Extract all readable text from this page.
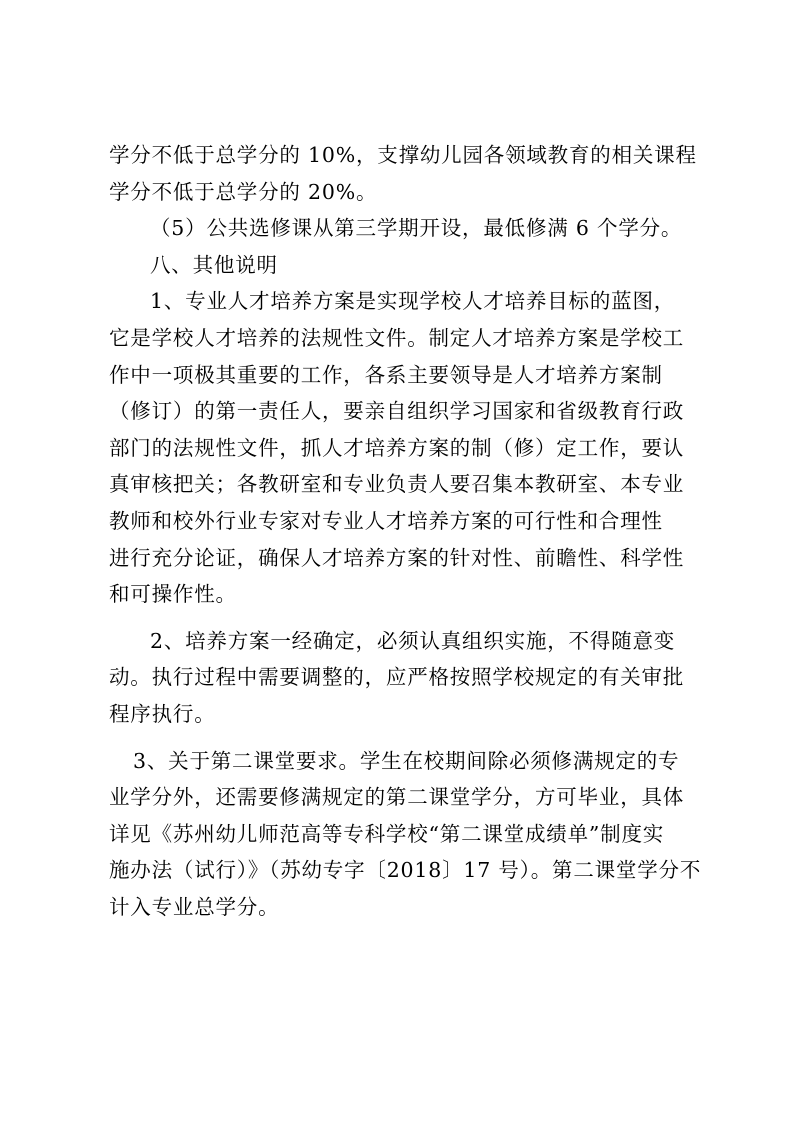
学分不低于总学分的 10%，支撑幼儿园各领域教育的相关课程
学分不低于总学分的 20%。
（5）公共选修课从第三学期开设，最低修满 6 个学分。
八、其他说明
1、专业人才培养方案是实现学校人才培养目标的蓝图，
它是学校人才培养的法规性文件。制定人才培养方案是学校工
作中一项极其重要的工作，各系主要领导是人才培养方案制
（修订）的第一责任人，要亲自组织学习国家和省级教育行政
部门的法规性文件，抓人才培养方案的制（修）定工作，要认
真审核把关；各教研室和专业负责人要召集本教研室、本专业
教师和校外行业专家对专业人才培养方案的可行性和合理性
进行充分论证，确保人才培养方案的针对性、前瞻性、科学性
和可操作性。
2、培养方案一经确定，必须认真组织实施，不得随意变
动。执行过程中需要调整的，应严格按照学校规定的有关审批
程序执行。
3、关于第二课堂要求。学生在校期间除必须修满规定的专
业学分外，还需要修满规定的第二课堂学分，方可毕业，具体
详见《苏州幼儿师范高等专科学校“第二课堂成绩单”制度实
施办法（试行）》（苏幼专字〔2018〕17 号）。第二课堂学分不
计入专业总学分。
